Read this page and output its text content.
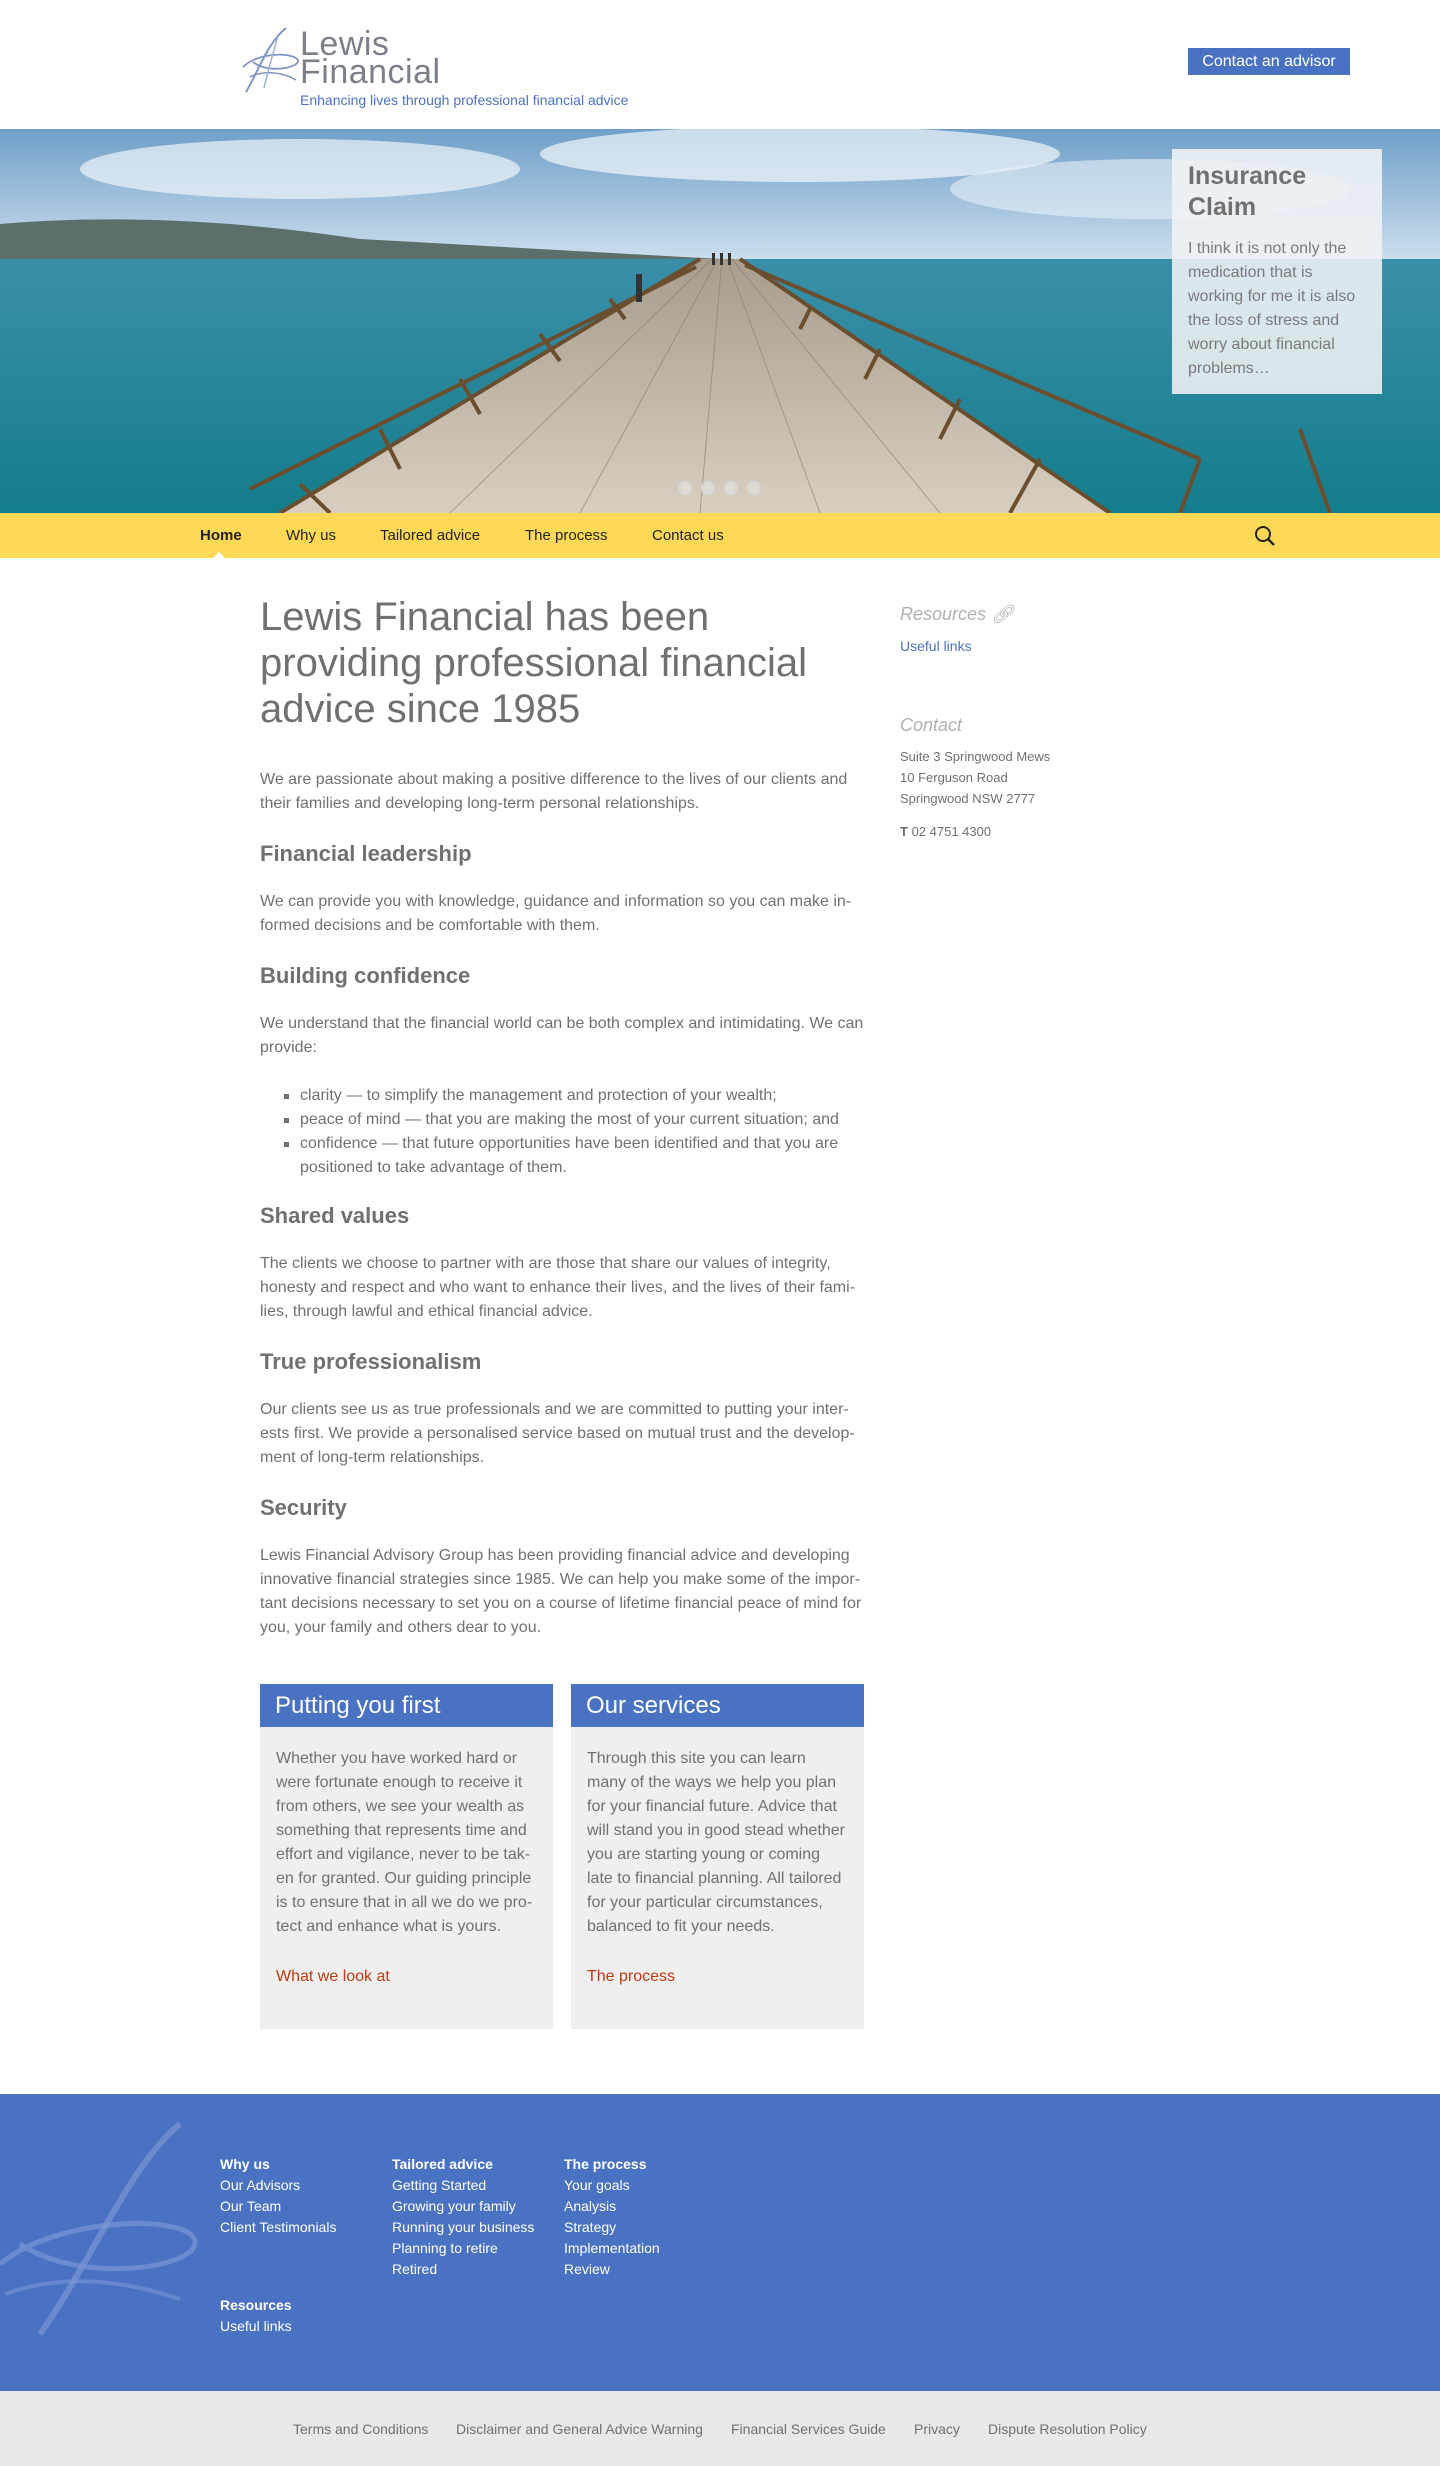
Lewis
Financial
Enhancing lives through professional financial advice
Contact an advisor
Insurance
Claim
I think it is not only the medication that is working for me it is also the loss of stress and worry about financial problems…
Home	Why us	Tailored advice	The process	Contact us
Lewis Financial has been providing professional financial advice since 1985

We are passionate about making a positive difference to the lives of our clients and their families and developing long-term personal relationships.

Financial leadership

We can provide you with knowledge, guidance and information so you can make informed decisions and be comfortable with them.

Building confidence

We understand that the financial world can be both complex and intimidating. We can provide:

clarity — to simplify the management and protection of your wealth;
peace of mind — that you are making the most of your current situation; and
confidence — that future opportunities have been identified and that you are positioned to take advantage of them.
Shared values

The clients we choose to partner with are those that share our values of integrity, honesty and respect and who want to enhance their lives, and the lives of their families, through lawful and ethical financial advice.

True professionalism

Our clients see us as true professionals and we are committed to putting your interests first. We provide a personalised service based on mutual trust and the development of long-term relationships.

Security

Lewis Financial Advisory Group has been providing financial advice and developing innovative financial strategies since 1985. We can help you make some of the important decisions necessary to set you on a course of lifetime financial peace of mind for you, your family and others dear to you.

Putting you first
Whether you have worked hard or were fortunate enough to receive it from others, we see your wealth as something that represents time and effort and vigilance, never to be taken for granted. Our guiding principle is to ensure that in all we do we protect and enhance what is yours.
What we look at
Our services
Through this site you can learn many of the ways we help you plan for your financial future. Advice that will stand you in good stead whether you are starting young or coming late to financial planning. All tailored for your particular circumstances, balanced to fit your needs.
The process
Resources 🔗︎
Useful links
Contact
Suite 3 Springwood Mews
10 Ferguson Road
Springwood NSW 2777
T 02 4751 4300
Why us
Our Advisors
Our Team
Client Testimonials
Tailored advice
Getting Started
Growing your family
Running your business
Planning to retire
Retired
The process
Your goals
Analysis
Strategy
Implementation
Review
Resources
Useful links
Terms and Conditions Disclaimer and General Advice Warning Financial Services Guide Privacy Dispute Resolution Policy
